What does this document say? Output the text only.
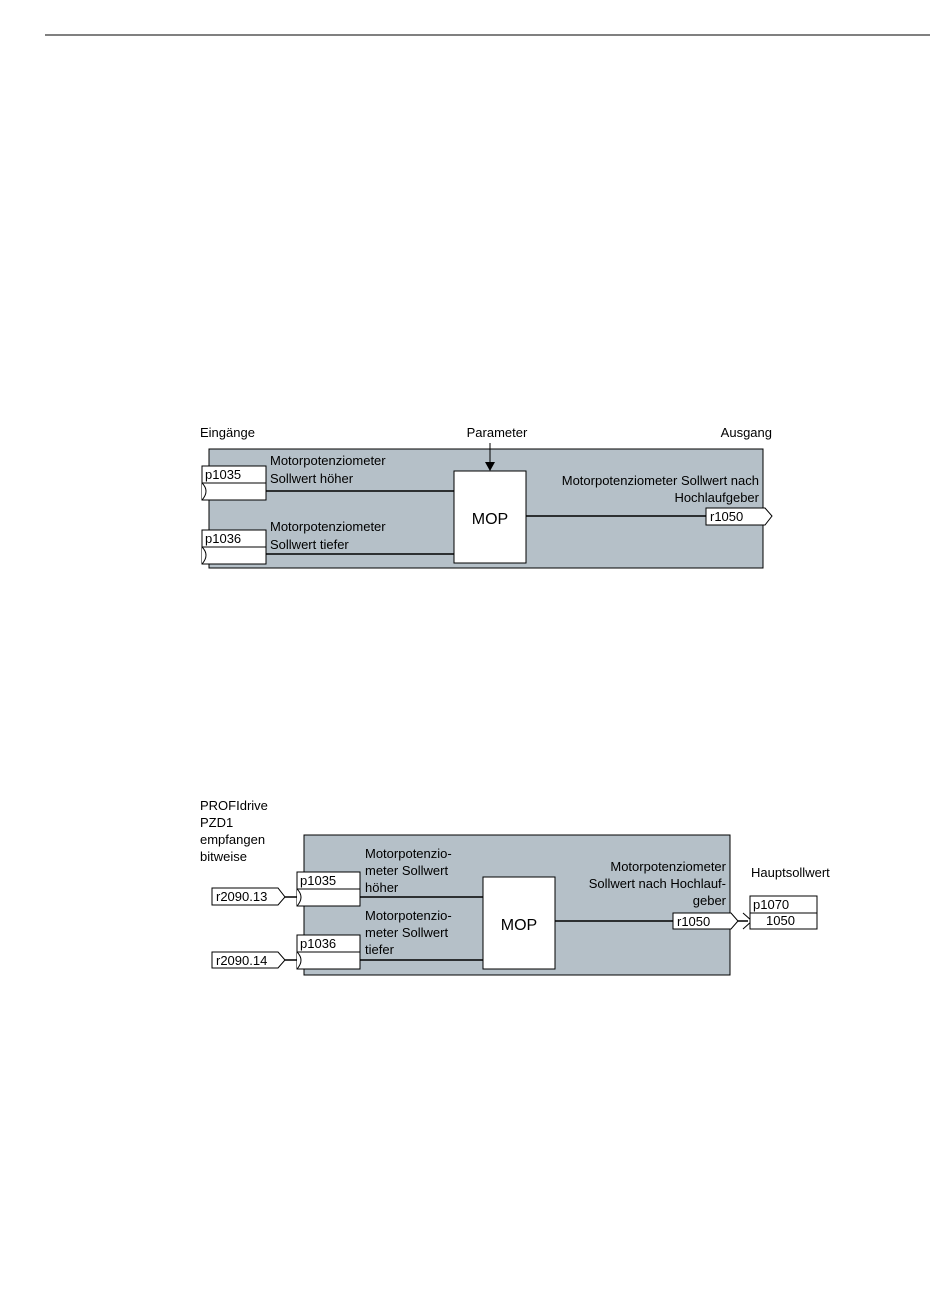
Eingänge	Parameter	Ausgang
p1035
Motorpotenziometer
Sollwert höher
p1036
Motorpotenziometer
Sollwert tiefer
MOP
Motorpotenziometer Sollwert nach
Hochlaufgeber
r1050
PROFIdrive
PZD1
empfangen
bitweise
r2090.13
p1035
Motorpotenzio-
meter Sollwert
höher
r2090.14
p1036
Motorpotenzio-
meter Sollwert
tiefer
MOP
Motorpotenziometer
Sollwert nach Hochlauf-
geber
r1050
Hauptsollwert
p1070
1050
